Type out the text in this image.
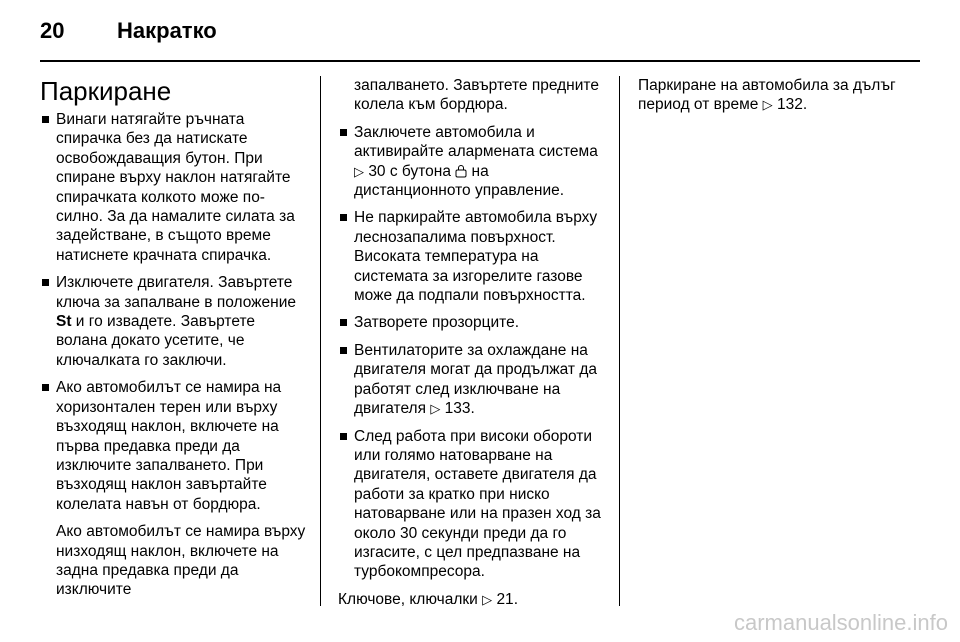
20 Накратко
Паркиране
Винаги натягайте ръчната спирачка без да натискате освобождаващия бутон. При спиране върху наклон натягайте спирачката колкото може по-силно. За да намалите силата за задействане, в същото време натиснете крачната спирачка.
Изключете двигателя. Завъртете ключа за запалване в положение St и го извадете. Завъртете волана докато усетите, че ключалката го заключи.
Ако автомобилът се намира на хоризонтален терен или върху възходящ наклон, включете на първа предавка преди да изключите запалването. При възходящ наклон завъртайте колелата навън от бордюра.
Ако автомобилът се намира върху низходящ наклон, включете на задна предавка преди да изключите
запалването. Завъртете предните колела към бордюра.
Заключете автомобила и активирайте алармената система ▷ 30 с бутона  на дистанционното управление.
Не паркирайте автомобила върху леснозапалима повърхност. Високата температура на системата за изгорелите газове може да подпали повърхността.
Затворете прозорците.
Вентилаторите за охлаждане на двигателя могат да продължат да работят след изключване на двигателя ▷ 133.
След работа при високи обороти или голямо натоварване на двигателя, оставете двигателя да работи за кратко при ниско натоварване или на празен ход за около 30 секунди преди да го изгасите, с цел предпазване на турбокомпресора.
Ключове, ключалки ▷ 21.
Паркиране на автомобила за дълъг период от време ▷ 132.
carmanualsonline.info
